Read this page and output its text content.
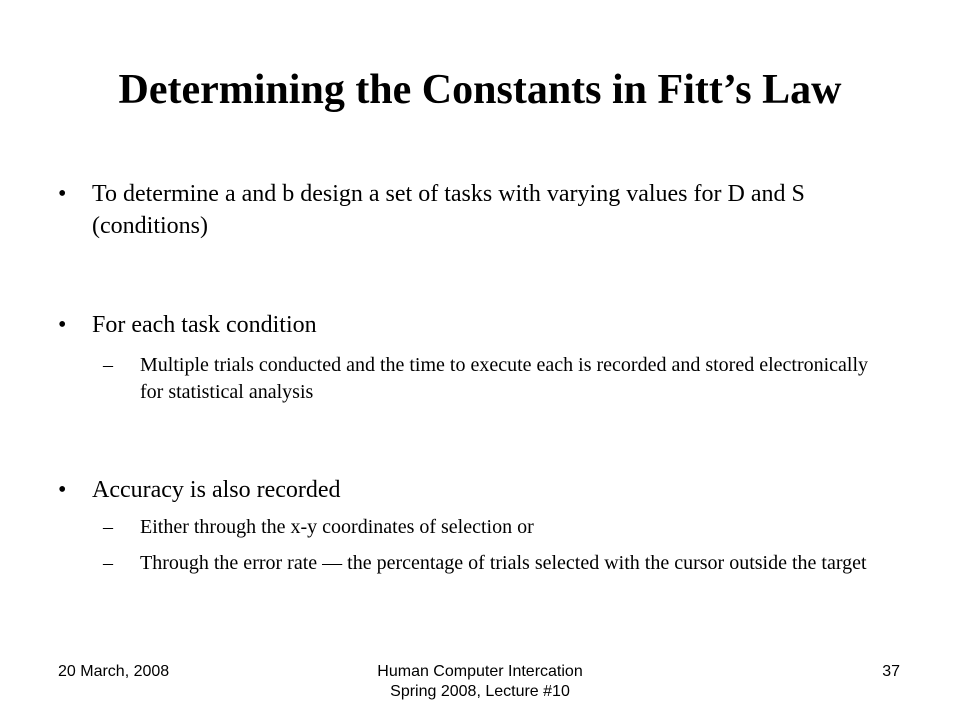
Determining the Constants in Fitt’s Law
•	To determine a and b design a set of tasks with varying values for D and S (conditions)
•	For each task condition
–	Multiple trials conducted and the time to execute each is recorded and stored electronically for statistical analysis
•	Accuracy is also recorded
–	Either through the x-y coordinates of selection or
–	Through the error rate — the percentage of trials selected with the cursor outside the target
20 March, 2008	Human Computer Intercation
Spring 2008, Lecture #10
37
